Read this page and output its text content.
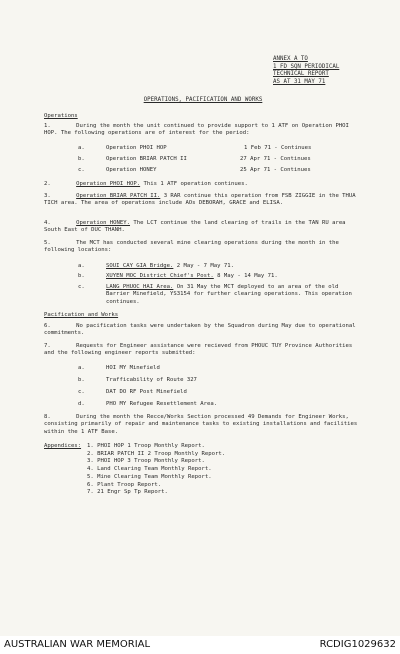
ANNEX A TO
1 FD SQN PERIODICAL
TECHNICAL REPORT
AS AT 31 MAY 71
OPERATIONS, PACIFICATION AND WORKS
Operations
1.	During the month the unit continued to provide support to 1 ATF on Operation PHOI HOP. The following operations are of interest for the period:
a.	Operation PHOI HOP	1 Feb 71 - Continues
b.	Operation BRIAR PATCH II	27 Apr 71 - Continues
c.	Operation HONEY	25 Apr 71 - Continues
2.	Operation PHOI HOP. This 1 ATF operation continues.
3.	Operation BRIAR PATCH II. 3 RAR continue this operation from FSB ZIGGIE in the THUA TICH area. The area of operations include AOs DEBORAH, GRACE and ELISA.
4.	Operation HONEY. The LCT continue the land clearing of trails in the TAN RU area South East of DUC THANH.
5.	The MCT has conducted several mine clearing operations during the month in the following locations:
a.	SOUI CAY GIA Bridge. 2 May - 7 May 71.
b.	XUYEN MOC District Chief's Post. 8 May - 14 May 71.
c.	LANG PHUOC HAI Area. On 31 May the MCT deployed to an area of the old Barrier Minefield, YS3154 for further clearing operations. This operation continues.
Pacification and Works
6.	No pacification tasks were undertaken by the Squadron during May due to operational commitments.
7.	Requests for Engineer assistance were recieved from PHOUC TUY Province Authorities and the following engineer reports submitted:
a.	HOI MY Minefield
b.	Trafficability of Route 327
c.	DAT DO RF Post Minefield
d.	PHO MY Refugee Resettlement Area.
8.	During the month the Recce/Works Section processed 49 Demands for Engineer Works, consisting primarily of repair and maintenance tasks to existing installations and facilities within the 1 ATF Base.
Appendices: 1. PHOI HOP 1 Troop Monthly Report.
2. BRIAR PATCH II 2 Troop Monthly Report.
3. PHOI HOP 3 Troop Monthly Report.
4. Land Clearing Team Monthly Report.
5. Mine Clearing Team Monthly Report.
6. Plant Troop Report.
7. 21 Engr Sp Tp Report.
AUSTRALIAN WAR MEMORIAL	RCDIG1029632
